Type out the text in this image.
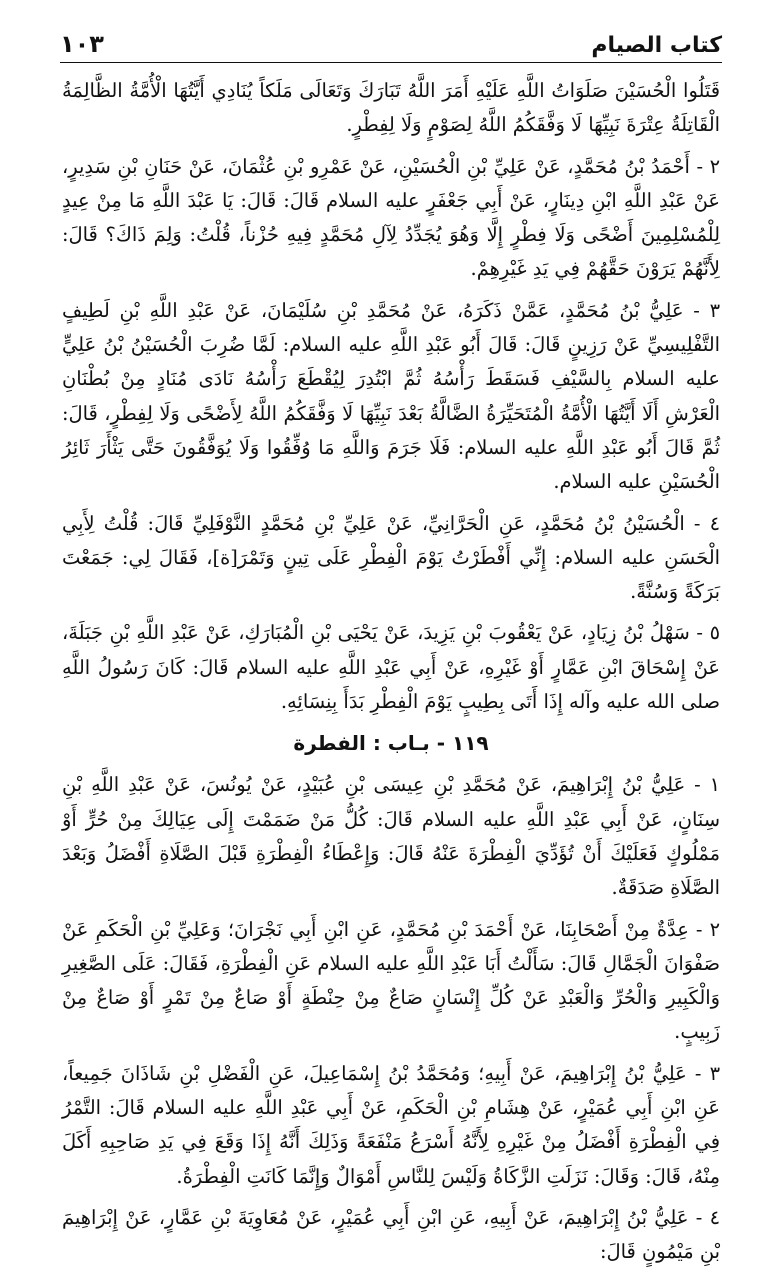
١٠٣	كتاب الصيام

قَتَلُوا الْحُسَيْنَ صَلَوَاتُ اللَّهِ عَلَيْهِ أَمَرَ اللَّهُ تَبَارَكَ وَتَعَالَى مَلَكاً يُنَادِي أَيَّتُهَا الْأُمَّةُ الظَّالِمَةُ الْقَاتِلَةُ عِتْرَةَ نَبِيِّهَا لَا وَفَّقَكُمُ اللَّهُ لِصَوْمٍ وَلَا لِفِطْرٍ.

٢ - أَحْمَدُ بْنُ مُحَمَّدٍ، عَنْ عَلِيِّ بْنِ الْحُسَيْنِ، عَنْ عَمْرِو بْنِ عُثْمَانَ، عَنْ حَنَانِ بْنِ سَدِيرٍ، عَنْ عَبْدِ اللَّهِ ابْنِ دِينَارٍ، عَنْ أَبِي جَعْفَرٍ عليه السلام قَالَ: قَالَ: يَا عَبْدَ اللَّهِ مَا مِنْ عِيدٍ لِلْمُسْلِمِينَ أَضْحًى وَلَا فِطْرٍ إِلَّا وَهُوَ يُجَدِّدُ لِآلِ مُحَمَّدٍ فِيهِ حُزْناً، قُلْتُ: وَلِمَ ذَاكَ؟ قَالَ: لِأَنَّهُمْ يَرَوْنَ حَقَّهُمْ فِي يَدِ غَيْرِهِمْ.

٣ - عَلِيُّ بْنُ مُحَمَّدٍ، عَمَّنْ ذَكَرَهُ، عَنْ مُحَمَّدِ بْنِ سُلَيْمَانَ، عَنْ عَبْدِ اللَّهِ بْنِ لَطِيفٍ التَّفْلِيسِيِّ عَنْ رَزِينٍ قَالَ: قَالَ أَبُو عَبْدِ اللَّهِ عليه السلام: لَمَّا ضُرِبَ الْحُسَيْنُ بْنُ عَلِيٍّ عليه السلام بِالسَّيْفِ فَسَقَطَ رَأْسُهُ ثُمَّ ابْتُدِرَ لِيُقْطَعَ رَأْسُهُ نَادَى مُنَادٍ مِنْ بُطْنَانِ الْعَرْشِ أَلَا أَيَّتُهَا الْأُمَّةُ الْمُتَحَيِّرَةُ الضَّالَّةُ بَعْدَ نَبِيِّهَا لَا وَفَّقَكُمُ اللَّهُ لِأَضْحًى وَلَا لِفِطْرٍ، قَالَ: ثُمَّ قَالَ أَبُو عَبْدِ اللَّهِ عليه السلام: فَلَا جَرَمَ وَاللَّهِ مَا وُفِّقُوا وَلَا يُوَفَّقُونَ حَتَّى يَثْأَرَ ثَائِرُ الْحُسَيْنِ عليه السلام.

٤ - الْحُسَيْنُ بْنُ مُحَمَّدٍ، عَنِ الْحَرَّانِيِّ، عَنْ عَلِيِّ بْنِ مُحَمَّدٍ النَّوْفَلِيِّ قَالَ: قُلْتُ لِأَبِي الْحَسَنِ عليه السلام: إِنِّي أَفْطَرْتُ يَوْمَ الْفِطْرِ عَلَى تِينٍ وَتَمْرَ[ة]، فَقَالَ لِي: جَمَعْتَ بَرَكَةً وَسُنَّةً.

٥ - سَهْلُ بْنُ زِيَادٍ، عَنْ يَعْقُوبَ بْنِ يَزِيدَ، عَنْ يَحْيَى بْنِ الْمُبَارَكِ، عَنْ عَبْدِ اللَّهِ بْنِ جَبَلَةَ، عَنْ إِسْحَاقَ ابْنِ عَمَّارٍ أَوْ غَيْرِهِ، عَنْ أَبِي عَبْدِ اللَّهِ عليه السلام قَالَ: كَانَ رَسُولُ اللَّهِ صلى الله عليه وآله إِذَا أَتَى بِطِيبٍ يَوْمَ الْفِطْرِ بَدَأَ بِنِسَائِهِ.

١١٩ - بـاب : الفطرة

١ - عَلِيُّ بْنُ إِبْرَاهِيمَ، عَنْ مُحَمَّدِ بْنِ عِيسَى بْنِ عُبَيْدٍ، عَنْ يُونُسَ، عَنْ عَبْدِ اللَّهِ بْنِ سِنَانٍ، عَنْ أَبِي عَبْدِ اللَّهِ عليه السلام قَالَ: كُلُّ مَنْ ضَمَمْتَ إِلَى عِيَالِكَ مِنْ حُرٍّ أَوْ مَمْلُوكٍ فَعَلَيْكَ أَنْ تُؤَدِّيَ الْفِطْرَةَ عَنْهُ قَالَ: وَإِعْطَاءُ الْفِطْرَةِ قَبْلَ الصَّلَاةِ أَفْضَلُ وَبَعْدَ الصَّلَاةِ صَدَقَةٌ.

٢ - عِدَّةٌ مِنْ أَصْحَابِنَا، عَنْ أَحْمَدَ بْنِ مُحَمَّدٍ، عَنِ ابْنِ أَبِي نَجْرَانَ؛ وَعَلِيِّ بْنِ الْحَكَمِ عَنْ صَفْوَانَ الْجَمَّالِ قَالَ: سَأَلْتُ أَبَا عَبْدِ اللَّهِ عليه السلام عَنِ الْفِطْرَةِ، فَقَالَ: عَلَى الصَّغِيرِ وَالْكَبِيرِ وَالْحُرِّ وَالْعَبْدِ عَنْ كُلِّ إِنْسَانٍ صَاعٌ مِنْ حِنْطَةٍ أَوْ صَاعٌ مِنْ تَمْرٍ أَوْ صَاعٌ مِنْ زَبِيبٍ.

٣ - عَلِيُّ بْنُ إِبْرَاهِيمَ، عَنْ أَبِيهِ؛ وَمُحَمَّدُ بْنُ إِسْمَاعِيلَ، عَنِ الْفَضْلِ بْنِ شَاذَانَ جَمِيعاً، عَنِ ابْنِ أَبِي عُمَيْرٍ، عَنْ هِشَامِ بْنِ الْحَكَمِ، عَنْ أَبِي عَبْدِ اللَّهِ عليه السلام قَالَ: التَّمْرُ فِي الْفِطْرَةِ أَفْضَلُ مِنْ غَيْرِهِ لِأَنَّهُ أَسْرَعُ مَنْفَعَةً وَذَلِكَ أَنَّهُ إِذَا وَقَعَ فِي يَدِ صَاحِبِهِ أَكَلَ مِنْهُ، قَالَ: وَقَالَ: نَزَلَتِ الزَّكَاةُ وَلَيْسَ لِلنَّاسِ أَمْوَالٌ وَإِنَّمَا كَانَتِ الْفِطْرَةُ.

٤ - عَلِيُّ بْنُ إِبْرَاهِيمَ، عَنْ أَبِيهِ، عَنِ ابْنِ أَبِي عُمَيْرٍ، عَنْ مُعَاوِيَةَ بْنِ عَمَّارٍ، عَنْ إِبْرَاهِيمَ بْنِ مَيْمُونٍ قَالَ:
